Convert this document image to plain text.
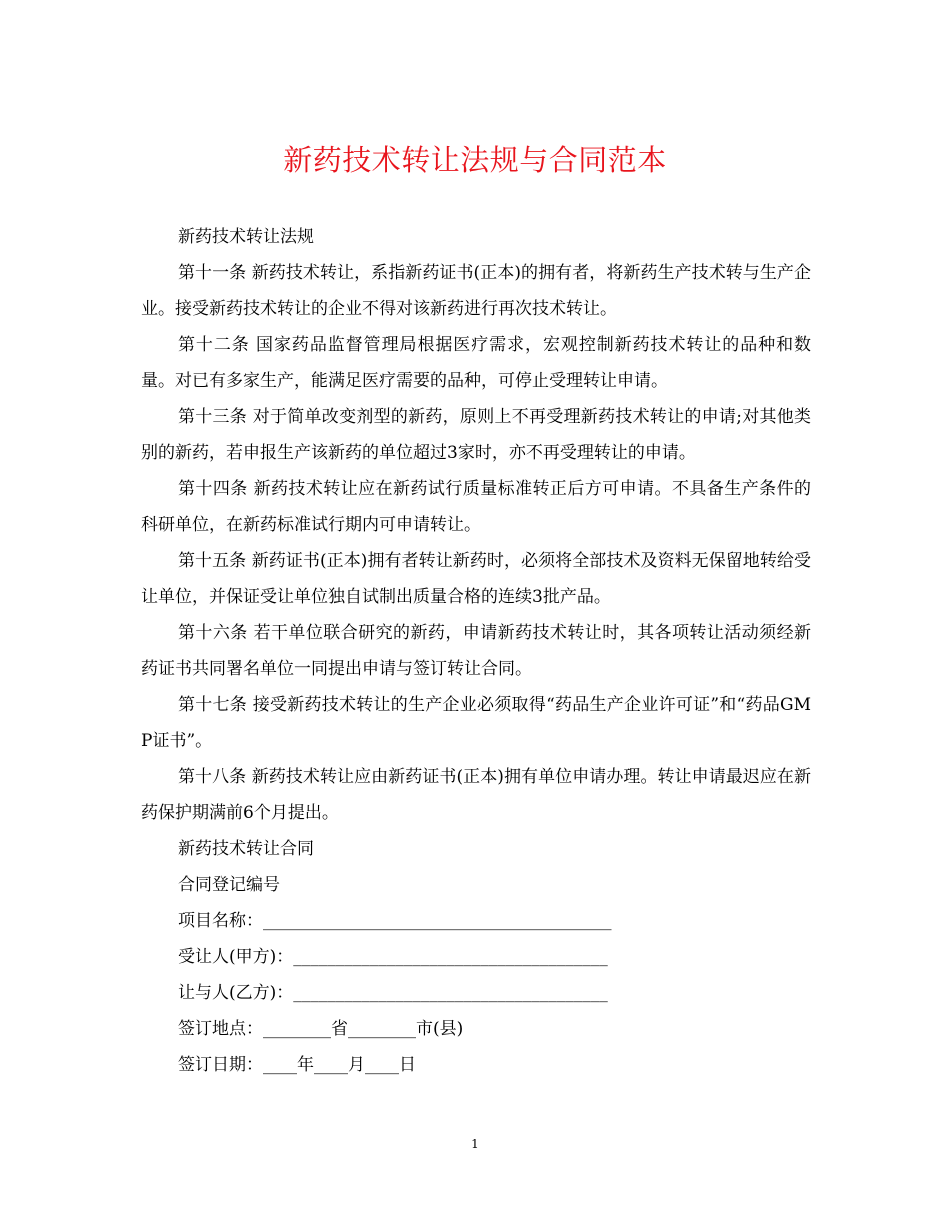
新药技术转让法规与合同范本

新药技术转让法规

第十一条 新药技术转让，系指新药证书(正本)的拥有者，将新药生产技术转与生产企业。接受新药技术转让的企业不得对该新药进行再次技术转让。

第十二条 国家药品监督管理局根据医疗需求，宏观控制新药技术转让的品种和数量。对已有多家生产，能满足医疗需要的品种，可停止受理转让申请。

第十三条 对于简单改变剂型的新药，原则上不再受理新药技术转让的申请;对其他类别的新药，若申报生产该新药的单位超过3家时，亦不再受理转让的申请。

第十四条 新药技术转让应在新药试行质量标准转正后方可申请。不具备生产条件的科研单位，在新药标准试行期内可申请转让。

第十五条 新药证书(正本)拥有者转让新药时，必须将全部技术及资料无保留地转给受让单位，并保证受让单位独自试制出质量合格的连续3批产品。

第十六条 若干单位联合研究的新药，申请新药技术转让时，其各项转让活动须经新药证书共同署名单位一同提出申请与签订转让合同。

第十七条 接受新药技术转让的生产企业必须取得“药品生产企业许可证”和“药品GMP证书”。

第十八条 新药技术转让应由新药证书(正本)拥有单位申请办理。转让申请最迟应在新药保护期满前6个月提出。

新药技术转让合同

合同登记编号

项目名称：_________________________________________

受让人(甲方)：_____________________________________

让与人(乙方)：_____________________________________

签订地点：________省________市(县)

签订日期：____年____月____日

1
